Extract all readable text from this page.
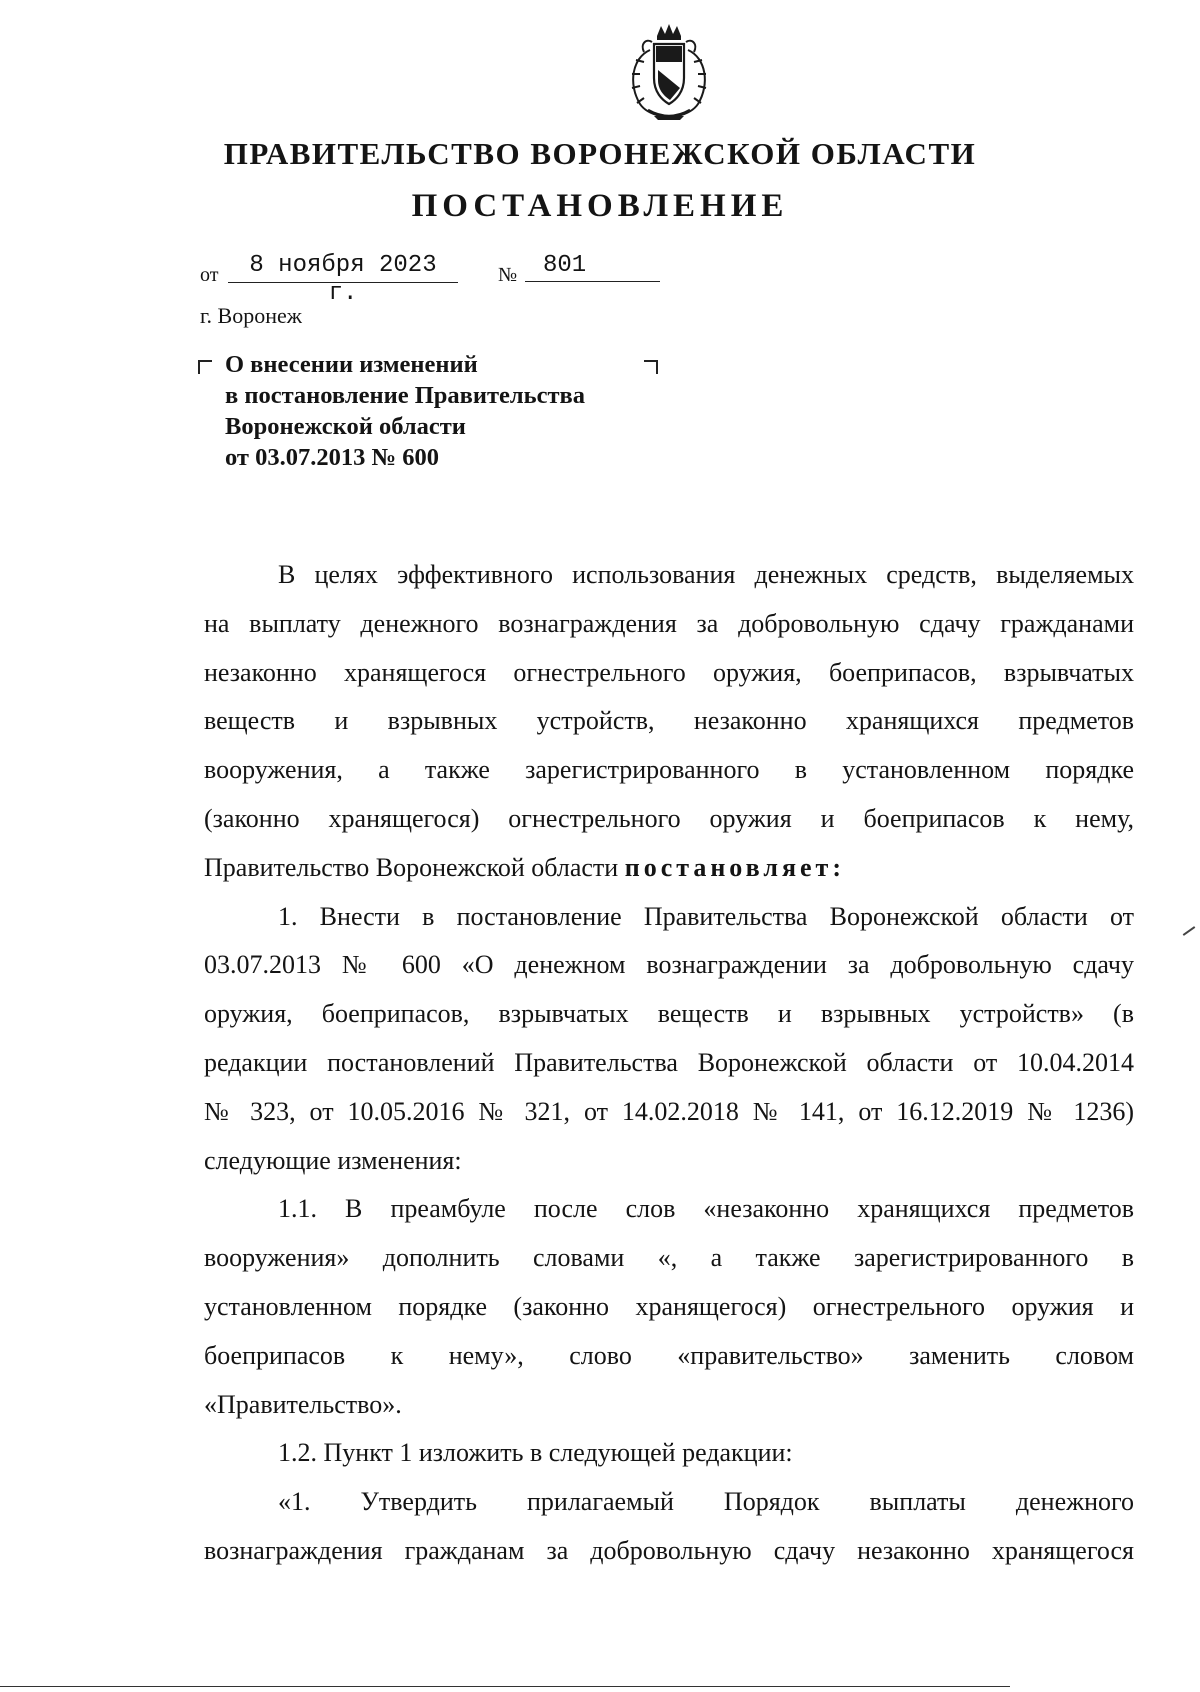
ПРАВИТЕЛЬСТВО ВОРОНЕЖСКОЙ ОБЛАСТИ
ПОСТАНОВЛЕНИЕ
от	8 ноября 2023 г.
№	801
г. Воронеж
О внесении изменений
в постановление Правительства
Воронежской области
от 03.07.2013 № 600

В целях эффективного использования денежных средств, выделяемых

на выплату денежного вознаграждения за добровольную сдачу гражданами

незаконно хранящегося огнестрельного оружия, боеприпасов, взрывчатых

веществ и взрывных устройств, незаконно хранящихся предметов

вооружения, а также зарегистрированного в установленном порядке

(законно хранящегося) огнестрельного оружия и боеприпасов к нему,

Правительство Воронежской области постановляет:

1. Внести в постановление Правительства Воронежской области от

03.07.2013 № 600 «О денежном вознаграждении за добровольную сдачу

оружия, боеприпасов, взрывчатых веществ и взрывных устройств» (в

редакции постановлений Правительства Воронежской области от 10.04.2014

№ 323, от 10.05.2016 № 321, от 14.02.2018 № 141, от 16.12.2019 № 1236)

следующие изменения:

1.1. В преамбуле после слов «незаконно хранящихся предметов

вооружения» дополнить словами «, а также зарегистрированного в

установленном порядке (законно хранящегося) огнестрельного оружия и

боеприпасов к нему», слово «правительство» заменить словом

«Правительство».

1.2. Пункт 1 изложить в следующей редакции:

«1. Утвердить прилагаемый Порядок выплаты денежного

вознаграждения гражданам за добровольную сдачу незаконно хранящегося
